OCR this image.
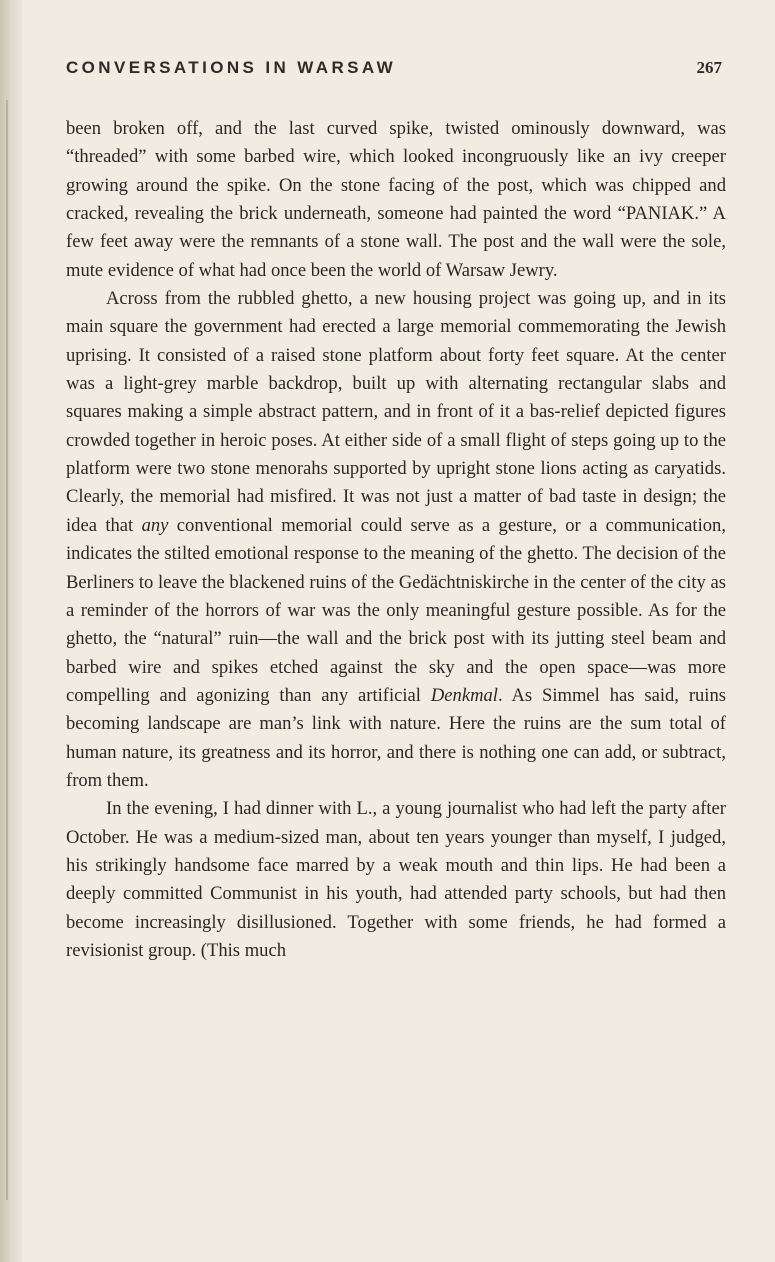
CONVERSATIONS IN WARSAW	267

been broken off, and the last curved spike, twisted ominously downward, was “threaded” with some barbed wire, which looked incongruously like an ivy creeper growing around the spike. On the stone facing of the post, which was chipped and cracked, revealing the brick underneath, someone had painted the word “PANIAK.” A few feet away were the remnants of a stone wall. The post and the wall were the sole, mute evidence of what had once been the world of Warsaw Jewry.

Across from the rubbled ghetto, a new housing project was going up, and in its main square the government had erected a large memorial commemorating the Jewish uprising. It consisted of a raised stone platform about forty feet square. At the center was a light-grey marble backdrop, built up with alternating rectangular slabs and squares making a simple abstract pattern, and in front of it a bas-relief depicted figures crowded together in heroic poses. At either side of a small flight of steps going up to the platform were two stone menorahs supported by upright stone lions acting as caryatids. Clearly, the memorial had misfired. It was not just a matter of bad taste in design; the idea that any conventional memorial could serve as a gesture, or a communication, indicates the stilted emotional response to the meaning of the ghetto. The decision of the Berliners to leave the blackened ruins of the Gedächtniskirche in the center of the city as a reminder of the horrors of war was the only meaningful gesture possible. As for the ghetto, the “natural” ruin—the wall and the brick post with its jutting steel beam and barbed wire and spikes etched against the sky and the open space—was more compelling and agonizing than any artificial Denkmal. As Simmel has said, ruins becoming landscape are man’s link with nature. Here the ruins are the sum total of human nature, its greatness and its horror, and there is nothing one can add, or subtract, from them.

In the evening, I had dinner with L., a young journalist who had left the party after October. He was a medium-sized man, about ten years younger than myself, I judged, his strikingly handsome face marred by a weak mouth and thin lips. He had been a deeply committed Communist in his youth, had attended party schools, but had then become increasingly disillusioned. Together with some friends, he had formed a revisionist group. (This much
